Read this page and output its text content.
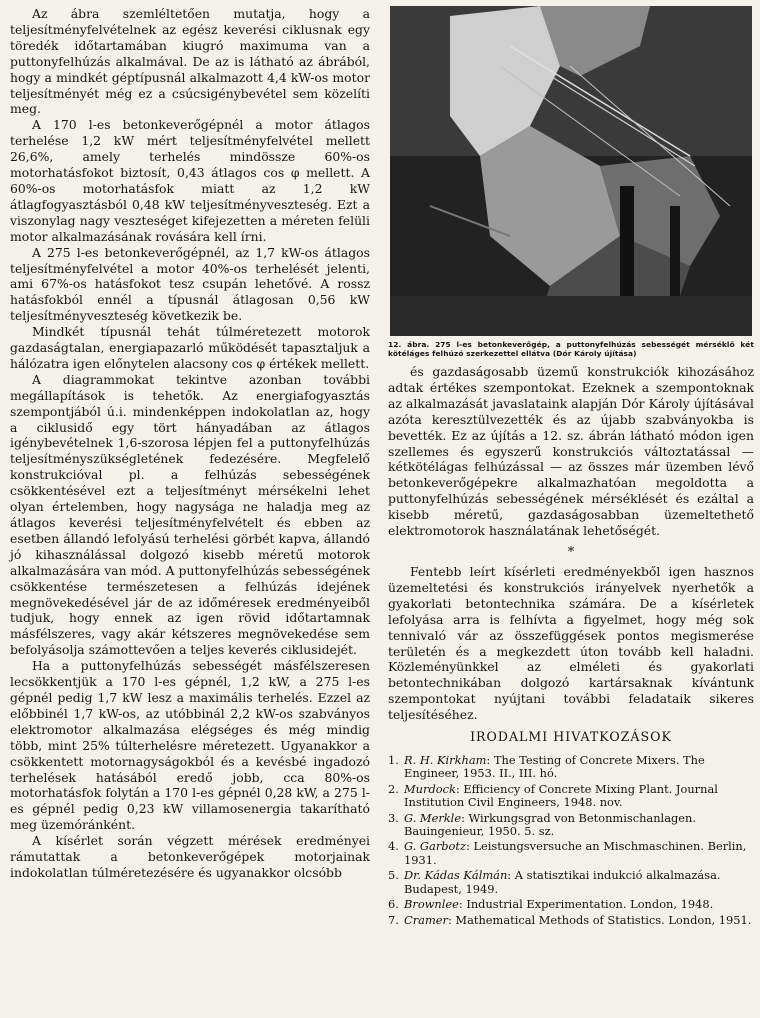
Az ábra szemléltetően mutatja, hogy a teljesítményfelvételnek az egész keverési ciklusnak egy töredék időtartamában kiugró maximuma van a puttonyfelhúzás alkalmával. De az is látható az ábrából, hogy a mindkét géptípusnál alkalmazott 4,4 kW-os motor teljesítményét még ez a csúcsigénybevétel sem közelíti meg.

A 170 l-es betonkeverőgépnél a motor átlagos terhelése 1,2 kW mért teljesítményfelvétel mellett 26,6%, amely terhelés mindössze 60%-os motorhatásfokot biztosít, 0,43 átlagos cos φ mellett. A 60%-os motorhatásfok miatt az 1,2 kW átlagfogyasztásból 0,48 kW teljesítményveszteség. Ezt a viszonylag nagy veszteséget kifejezetten a méreten felüli motor alkalmazásának rovására kell írni.

A 275 l-es betonkeverőgépnél, az 1,7 kW-os átlagos teljesítményfelvétel a motor 40%-os terhelését jelenti, ami 67%-os hatásfokot tesz csupán lehetővé. A rossz hatásfokból ennél a típusnál átlagosan 0,56 kW teljesítményveszteség következik be.

Mindkét típusnál tehát túlméretezett motorok gazdaságtalan, energiapazarló működését tapasztaljuk a hálózatra igen előnytelen alacsony cos φ értékek mellett.

A diagrammokat tekintve azonban további megállapítások is tehetők. Az energiafogyasztás szempontjából ú.i. mindenképpen indokolatlan az, hogy a ciklusidő egy tört hányadában az átlagos igénybevételnek 1,6-szorosa lépjen fel a puttonyfelhúzás teljesítményszükségletének fedezésére. Megfelelő konstrukcióval pl. a felhúzás sebességének csökkentésével ezt a teljesítményt mérsékelni lehet olyan értelemben, hogy nagysága ne haladja meg az átlagos keverési teljesítményfelvételt és ebben az esetben állandó lefolyású terhelési görbét kapva, állandó jó kihasználással dolgozó kisebb méretű motorok alkalmazására van mód. A puttonyfelhúzás sebességének csökkentése természetesen a felhúzás idejének megnövekedésével jár de az időméresek eredményeiből tudjuk, hogy ennek az igen rövid időtartamnak másfélszeres, vagy akár kétszeres megnövekedése sem befolyásolja számottevően a teljes keverés ciklusidejét.

Ha a puttonyfelhúzás sebességét másfélszeresen lecsökkentjük a 170 l-es gépnél, 1,2 kW, a 275 l-es gépnél pedig 1,7 kW lesz a maximális terhelés. Ezzel az előbbinél 1,7 kW-os, az utóbbinál 2,2 kW-os szabványos elektromotor alkalmazása elégséges és még mindig több, mint 25% túlterhelésre méretezett. Ugyanakkor a csökkentett motornagyságokból és a kevésbé ingadozó terhelések hatásából eredő jobb, cca 80%-os motorhatásfok folytán a 170 l-es gépnél 0,28 kW, a 275 l-es gépnél pedig 0,23 kW villamosenergia takarítható meg üzemóránként.

A kísérlet során végzett mérések eredményei rámutattak a betonkeverőgépek motorjainak indokolatlan túlméretezésére és ugyanakkor olcsóbb

12. ábra. 275 l-es betonkeverőgép, a puttonyfelhúzás sebességét mérséklő két kötéláges felhúzó szerkezettel ellátva (Dór Károly újítása)

és gazdaságosabb üzemű konstrukciók kihozásához adtak értékes szempontokat. Ezeknek a szempontoknak az alkalmazását javaslataink alapján Dór Károly újításával azóta keresztülvezették és az újabb szabványokba is bevették. Ez az újítás a 12. sz. ábrán látható módon igen szellemes és egyszerű konstrukciós változtatással — kétkötélágas felhúzással — az összes már üzemben lévő betonkeverőgépekre alkalmazhatóan megoldotta a puttonyfelhúzás sebességének mérséklését és ezáltal a kisebb méretű, gazdaságosabban üzemeltethető elektromotorok használatának lehetőségét.

*

Fentebb leírt kísérleti eredményekből igen hasznos üzemeltetési és konstrukciós irányelvek nyerhetők a gyakorlati betontechnika számára. De a kísérletek lefolyása arra is felhívta a figyelmet, hogy még sok tennivaló vár az összefüggések pontos megismerése területén és a megkezdett úton tovább kell haladni. Közleményünkkel az elméleti és gyakorlati betontechnikában dolgozó kartársaknak kívántunk szempontokat nyújtani további feladataik sikeres teljesítéséhez.

IRODALMI HIVATKOZÁSOK
1. R. H. Kirkham: The Testing of Concrete Mixers. The Engineer, 1953. II., III. hó.
2. Murdock: Efficiency of Concrete Mixing Plant. Journal Institution Civil Engineers, 1948. nov.
3. G. Merkle: Wirkungsgrad von Betonmischanlagen. Bauingenieur, 1950. 5. sz.
4. G. Garbotz: Leistungsversuche an Mischmaschinen. Berlin, 1931.
5. Dr. Kádas Kálmán: A statisztikai indukció alkalmazása. Budapest, 1949.
6. Brownlee: Industrial Experimentation. London, 1948.
7. Cramer: Mathematical Methods of Statistics. London, 1951.
